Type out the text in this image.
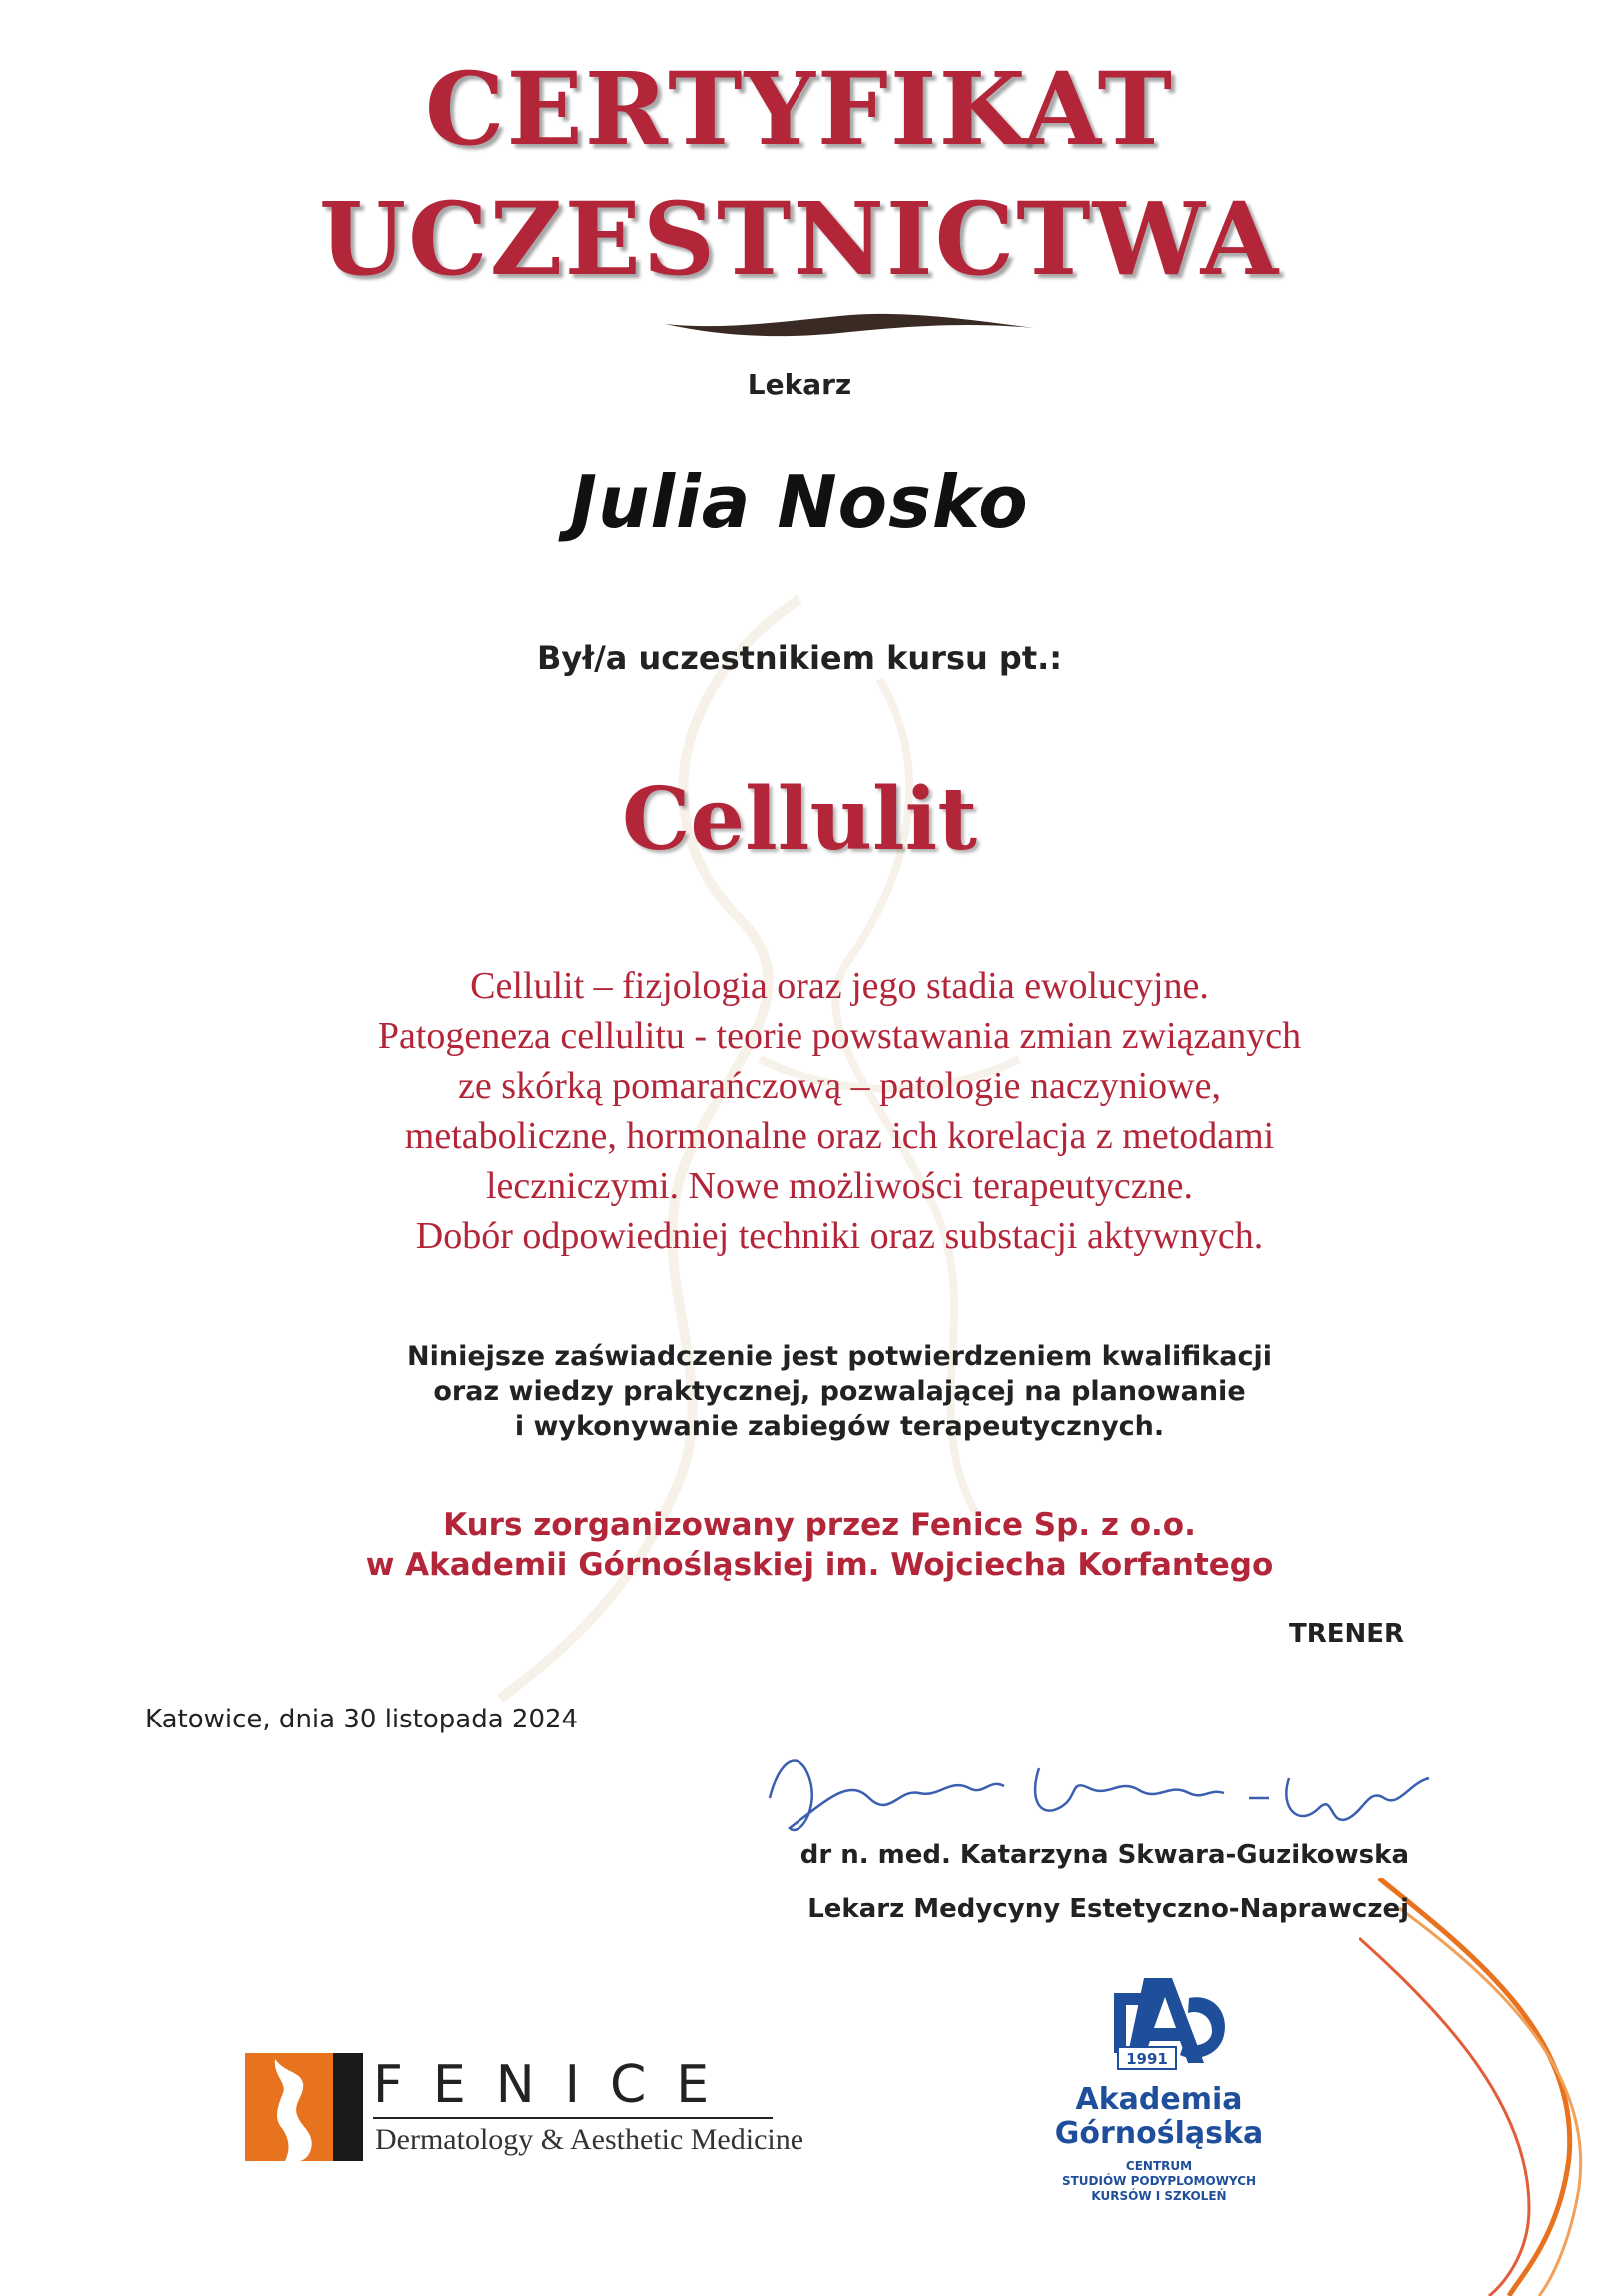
CERTYFIKAT
UCZESTNICTWA

Lekarz

Julia Nosko

Był/a uczestnikiem kursu pt.:

Cellulit

Cellulit – fizjologia oraz jego stadia ewolucyjne.
Patogeneza cellulitu - teorie powstawania zmian związanych
ze skórką pomarańczową – patologie naczyniowe,
metaboliczne, hormonalne oraz ich korelacja z metodami
leczniczymi. Nowe możliwości terapeutyczne.
Dobór odpowiedniej techniki oraz substacji aktywnych.
Niniejsze zaświadczenie jest potwierdzeniem kwalifikacji
oraz wiedzy praktycznej, pozwalającej na planowanie
i wykonywanie zabiegów terapeutycznych.
Kurs zorganizowany przez Fenice Sp. z o.o.
w Akademii Górnośląskiej im. Wojciecha Korfantego
TRENER
Katowice, dnia 30 listopada 2024
dr n. med. Katarzyna Skwara-Guzikowska
Lekarz Medycyny Estetyczno-Naprawczej
FENICE
Dermatology & Aesthetic Medicine
1991
Akademia
Górnośląska
CENTRUM
STUDIÓW PODYPLOMOWYCH
KURSÓW I SZKOLEŃ
